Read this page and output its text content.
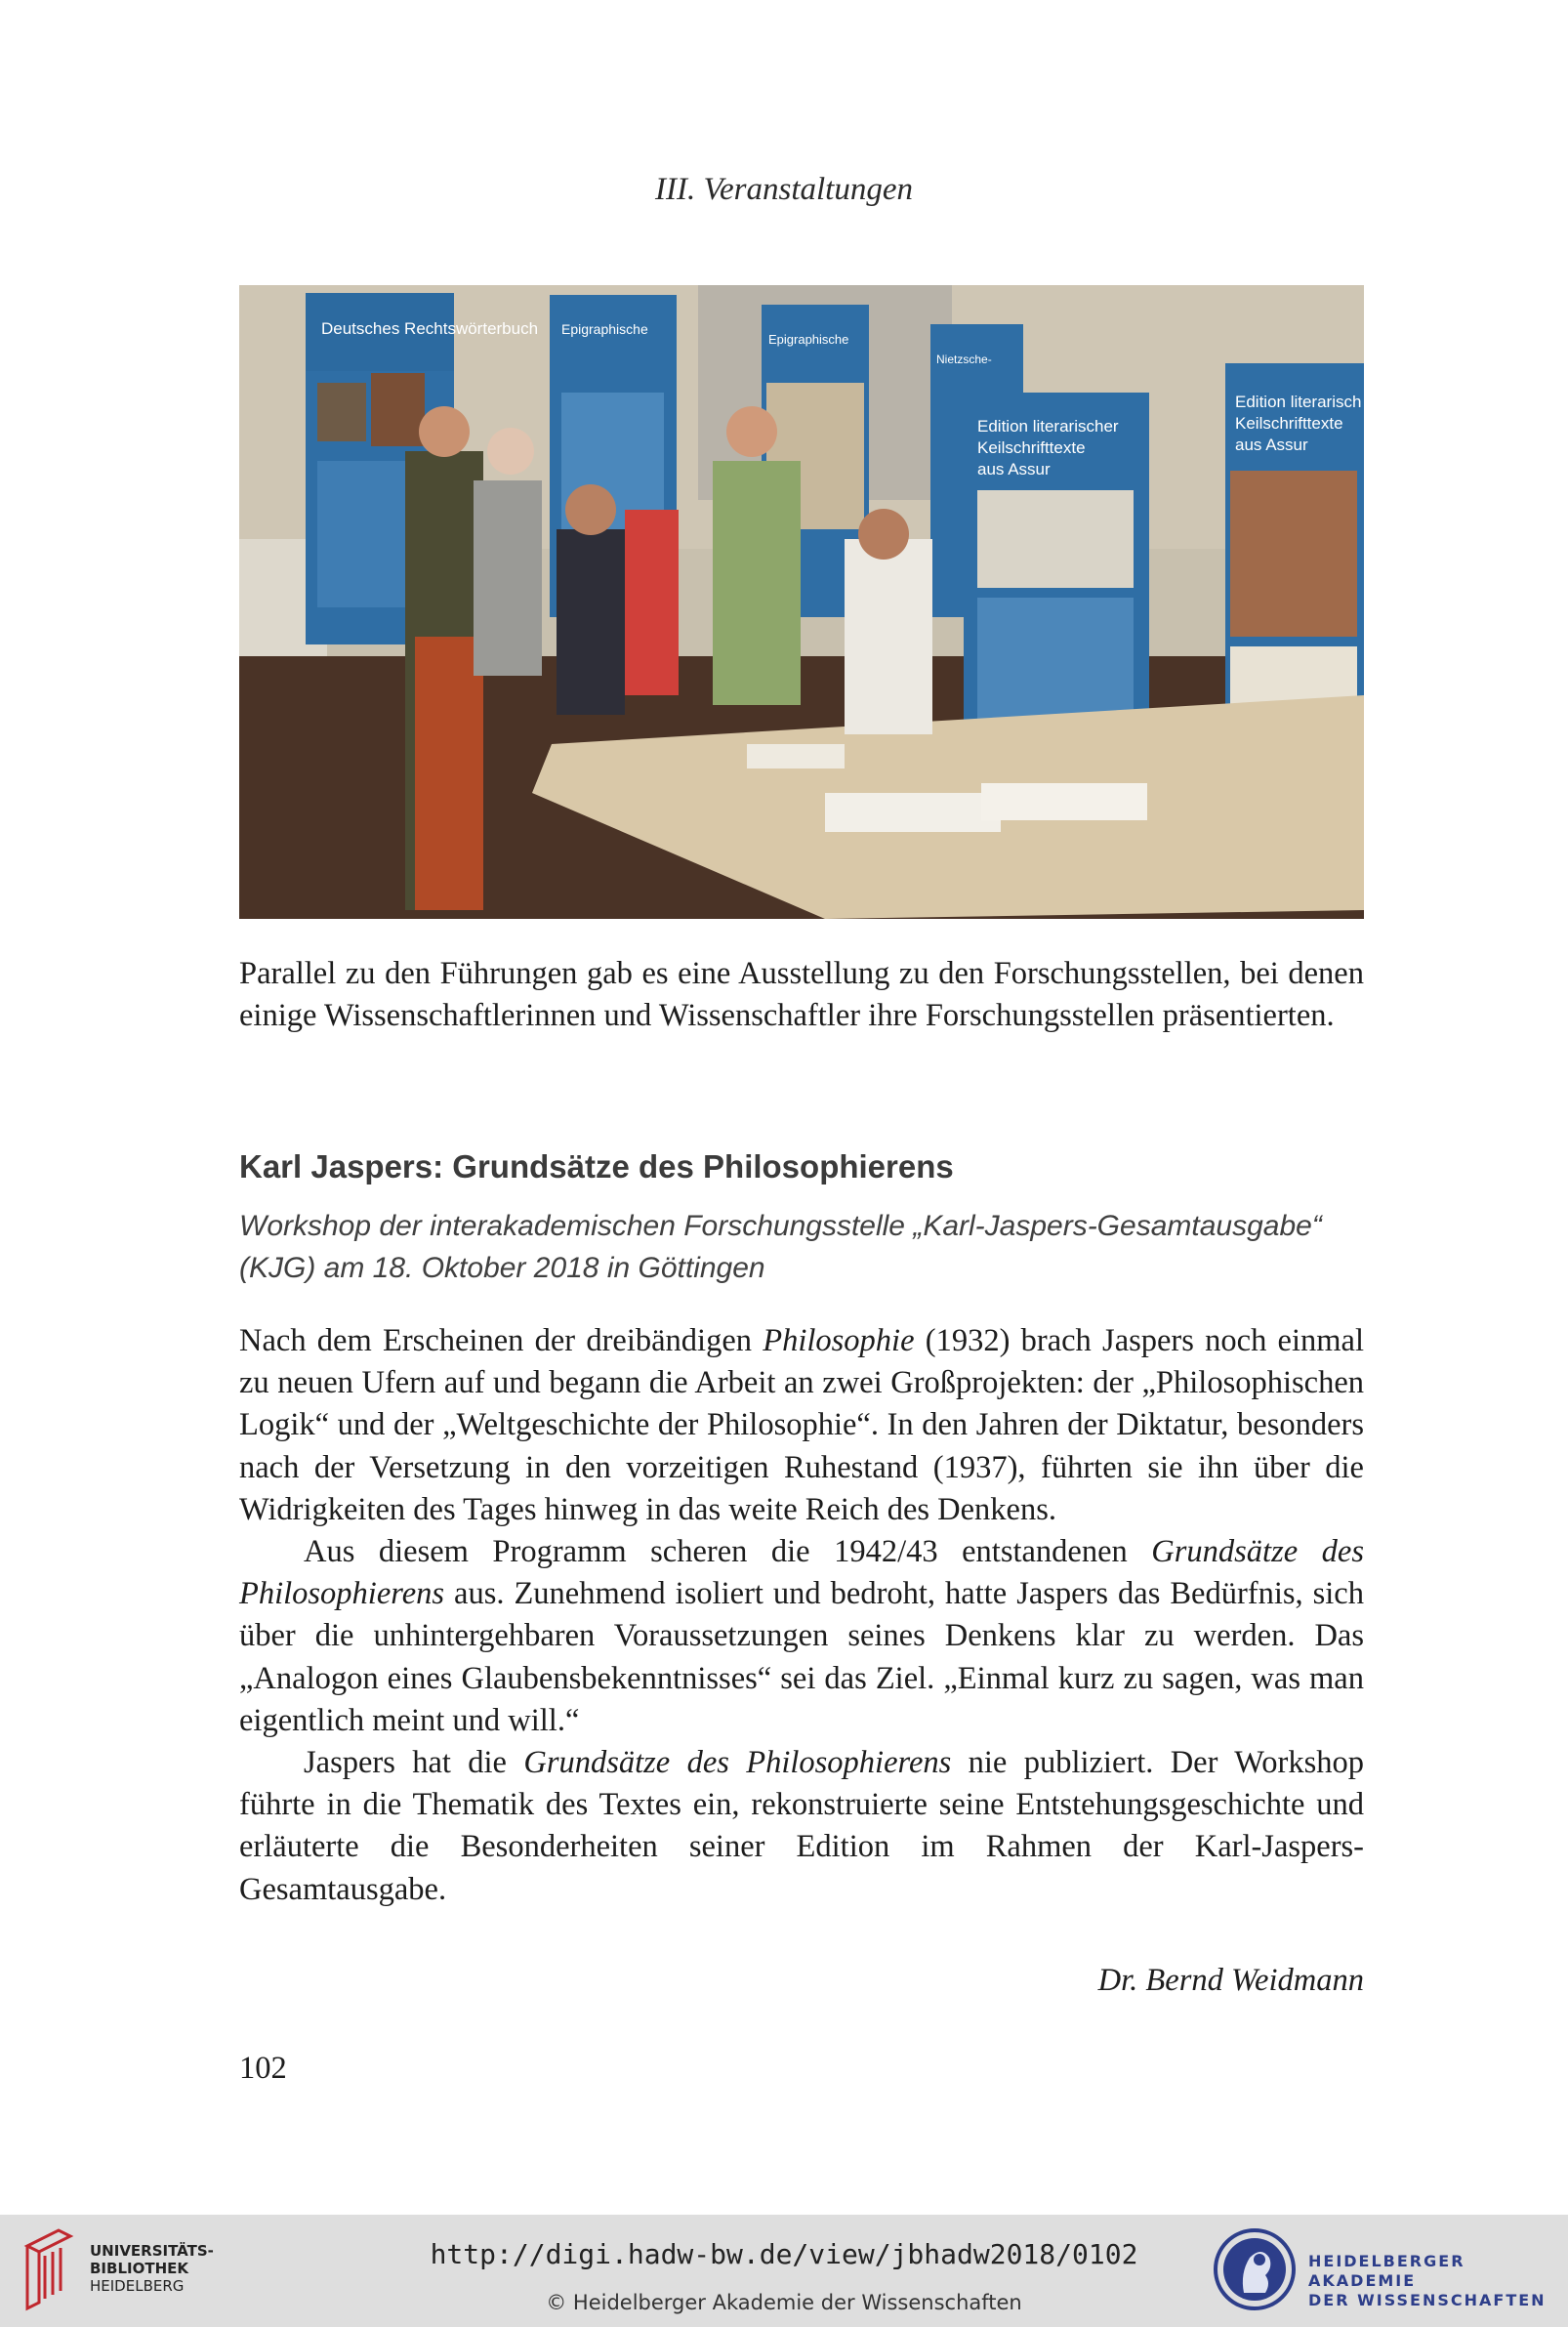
III. Veranstaltungen
Deutsches Rechtswörterbuch Epigraphische
Epigraphische
Nietzsche-
Edition literarischer
Keilschrifttexte
aus Assur
Edition literarisch
Keilschrifttexte
aus Assur
Parallel zu den Führungen gab es eine Ausstellung zu den Forschungsstellen, bei denen einige Wissenschaftlerinnen und Wissenschaftler ihre Forschungsstellen präsentierten.
Karl Jaspers: Grundsätze des Philosophierens
Workshop der interakademischen Forschungsstelle „Karl-Jaspers-Gesamtausgabe“ (KJG) am 18. Oktober 2018 in Göttingen

Nach dem Erscheinen der dreibändigen Philosophie (1932) brach Jaspers noch einmal zu neuen Ufern auf und begann die Arbeit an zwei Großprojekten: der „Philosophischen Logik“ und der „Weltgeschichte der Philosophie“. In den Jahren der Diktatur, besonders nach der Versetzung in den vorzeitigen Ruhestand (1937), führten sie ihn über die Widrigkeiten des Tages hinweg in das weite Reich des Denkens.

Aus diesem Programm scheren die 1942/43 entstandenen Grundsätze des Philosophierens aus. Zunehmend isoliert und bedroht, hatte Jaspers das Bedürfnis, sich über die unhintergehbaren Voraussetzungen seines Denkens klar zu werden. Das „Analogon eines Glaubensbekenntnisses“ sei das Ziel. „Einmal kurz zu sagen, was man eigentlich meint und will.“

Jaspers hat die Grundsätze des Philosophierens nie publiziert. Der Workshop führte in die Thematik des Textes ein, rekonstruierte seine Entstehungsgeschichte und erläuterte die Besonderheiten seiner Edition im Rahmen der Karl-Jaspers-Gesamtausgabe.

Dr. Bernd Weidmann
102
UNIVERSITÄTS-
BIBLIOTHEK
HEIDELBERG
http://digi.hadw-bw.de/view/jbhadw2018/0102
© Heidelberger Akademie der Wissenschaften
HEIDELBERGER AKADEMIE
DER WISSENSCHAFTEN
